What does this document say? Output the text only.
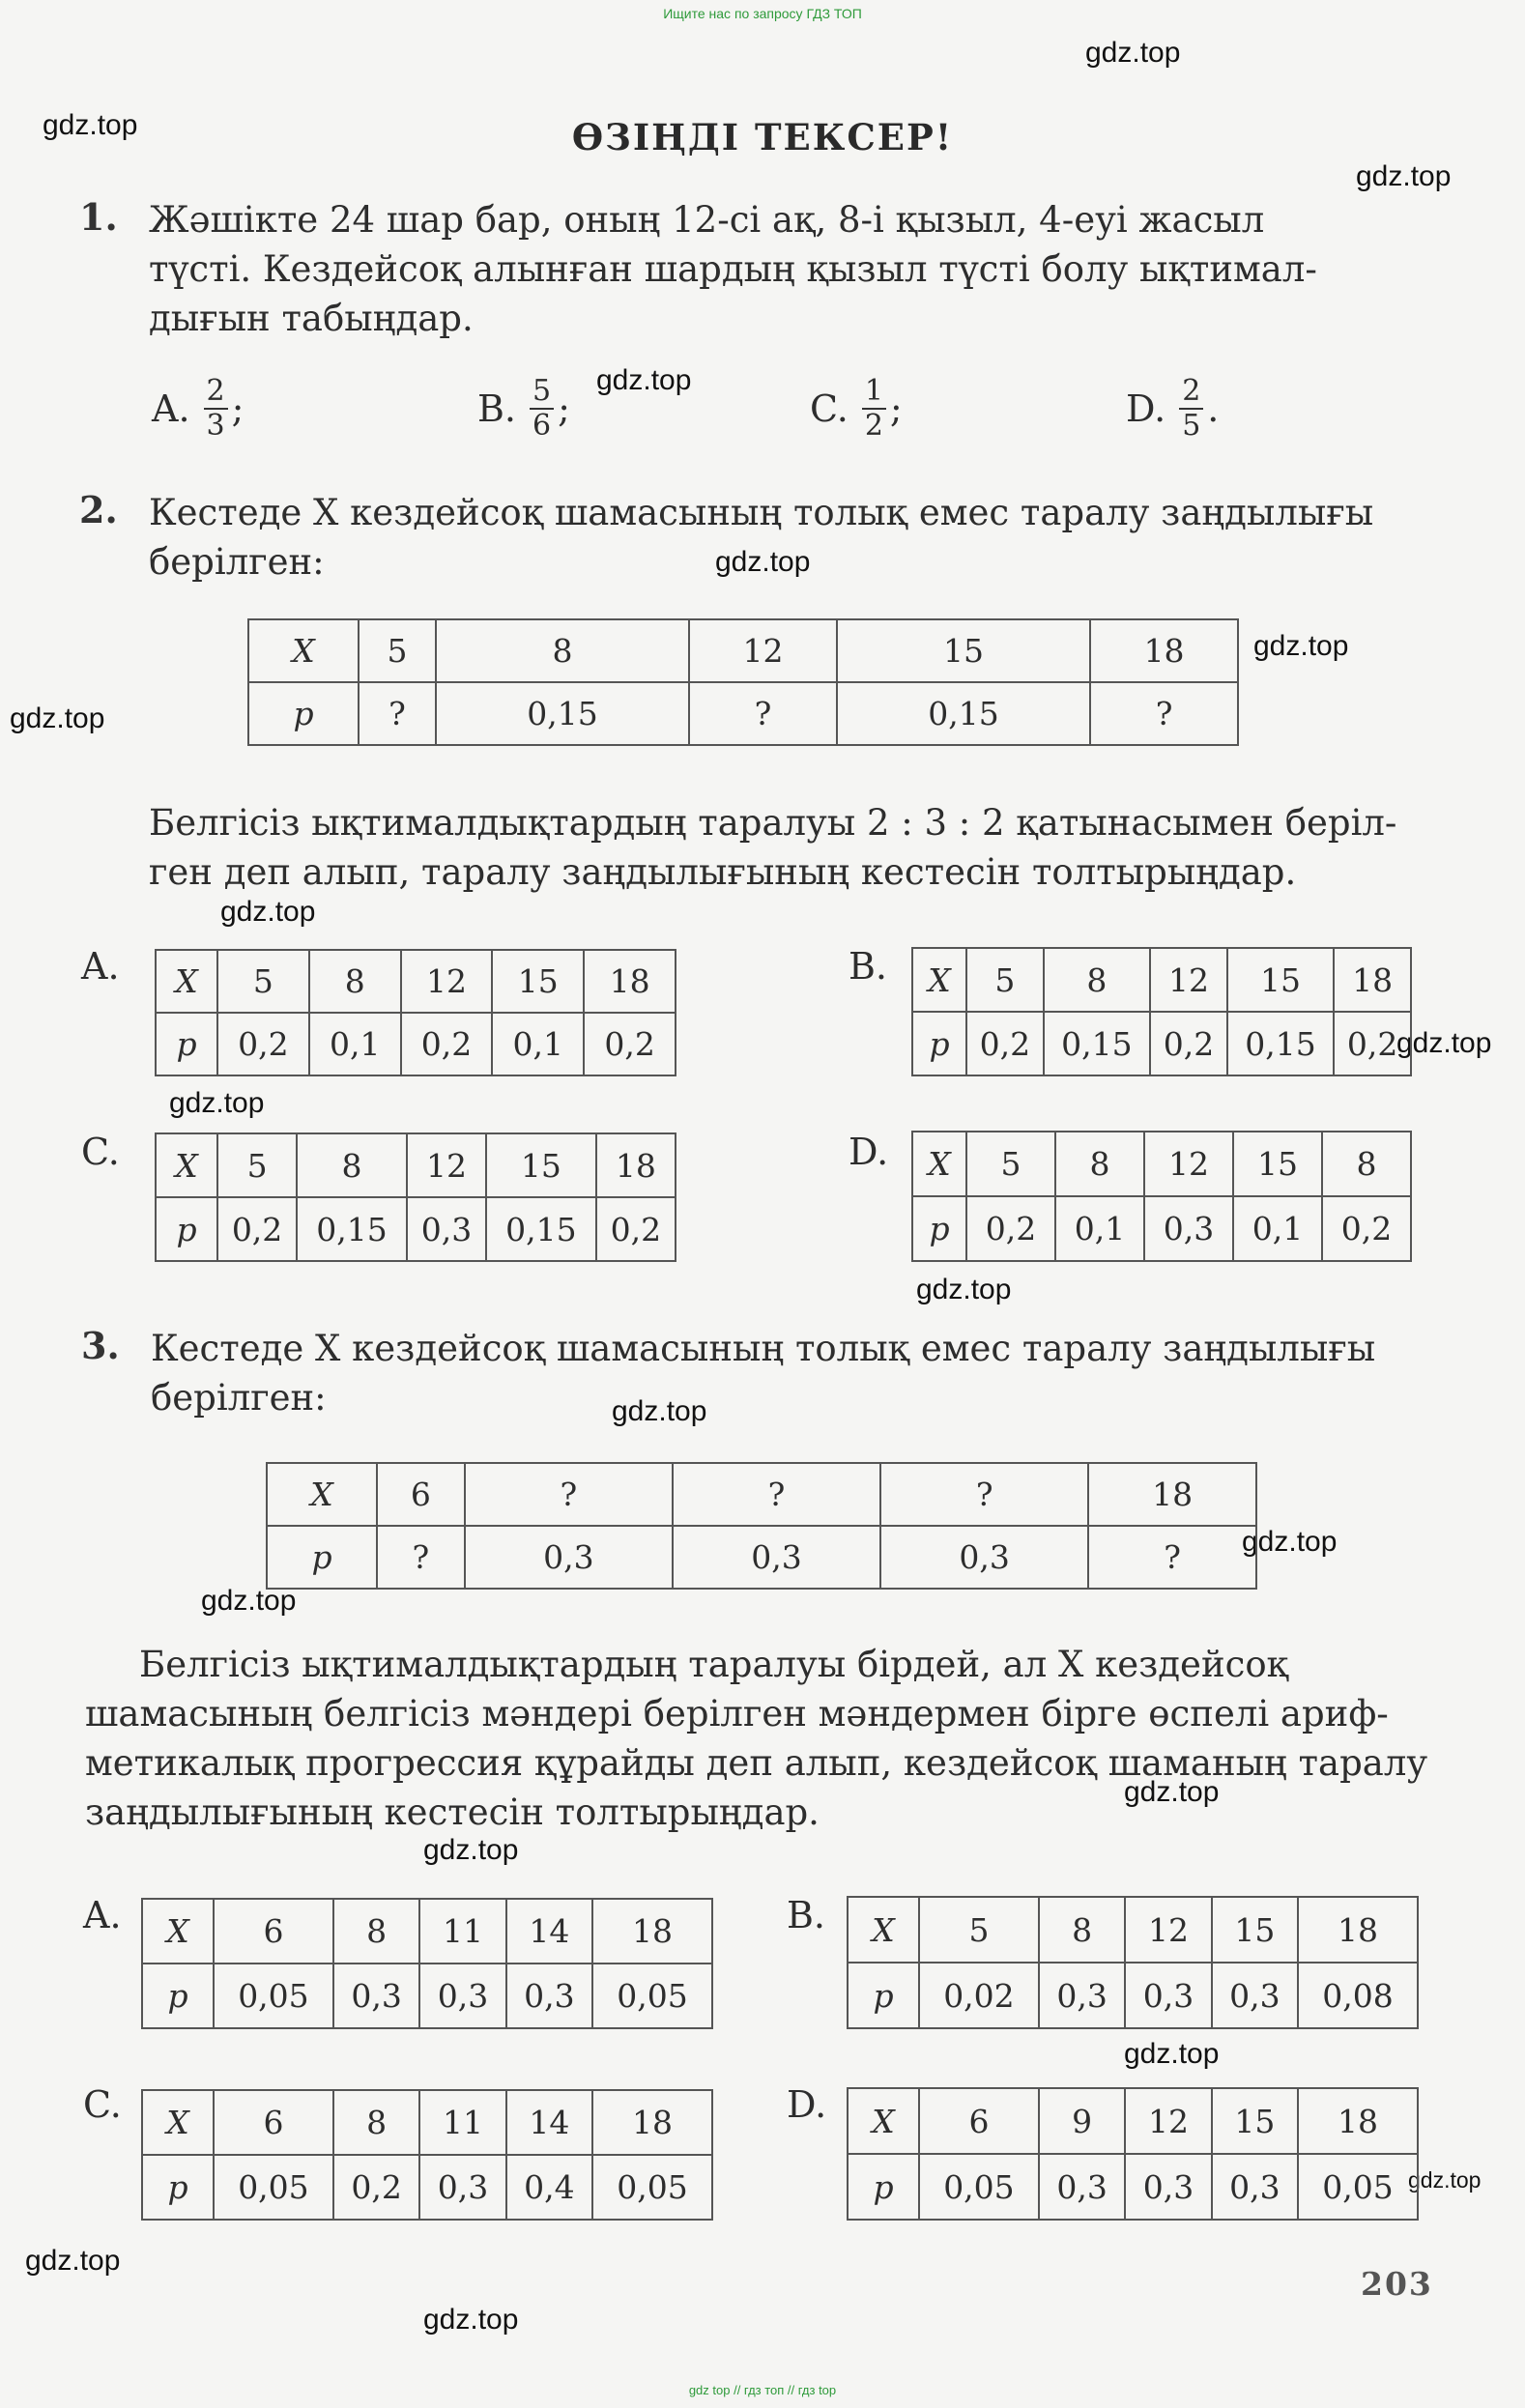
Ищите нас по запросу ГДЗ ТОП
gdz.top
gdz.top
gdz.top
gdz.top
gdz.top
gdz.top
gdz.top
gdz.top
gdz.top
gdz.top
gdz.top
gdz.top
gdz.top
gdz.top
gdz.top
gdz.top
gdz.top
gdz.top
gdz.top
gdz.top
ӨЗІҢДІ ТЕКСЕР!
1. Жәшікте 24 шар бар, оның 12-сі ақ, 8-і қызыл, 4-еуі жасыл
түсті. Кездейсоқ алынған шардың қызыл түсті болу ықтимал-
дығын табыңдар.
A. $\frac{2}{3}$ ;	B. $\frac{5}{6}$ ;	C. $\frac{1}{2}$ ;	D. $\frac{2}{5}$ .
2. Кестеде X кездейсоқ шамасының толық емес таралу заңдылығы
берілген:
X	5	8	12	15	18
p	?	0,15	?	0,15	?
Белгісіз ықтималдықтардың таралуы 2 : 3 : 2 қатынасымен беріл-
ген деп алып, таралу заңдылығының кестесін толтырыңдар.
A. X	5	8	12	15	18
p	0,2	0,1	0,2	0,1	0,2
B. X	5	8	12	15	18
p	0,2	0,15	0,2	0,15	0,2
C. X	5	8	12	15	18
p	0,2	0,15	0,3	0,15	0,2
D. X	5	8	12	15	8
p	0,2	0,1	0,3	0,1	0,2
3. Кестеде X кездейсоқ шамасының толық емес таралу заңдылығы
берілген:
X	6	?	?	?	18
p	?	0,3	0,3	0,3	?
Белгісіз ықтималдықтардың таралуы бірдей, ал X кездейсоқ
шамасының белгісіз мәндері берілген мәндермен бірге өспелі ариф-
метикалық прогрессия құрайды деп алып, кездейсоқ шаманың таралу
заңдылығының кестесін толтырыңдар.
A. X	6	8	11	14	18
p	0,05	0,3	0,3	0,3	0,05
B. X	5	8	12	15	18
p	0,02	0,3	0,3	0,3	0,08
C. X	6	8	11	14	18
p	0,05	0,2	0,3	0,4	0,05
D. X	6	9	12	15	18
p	0,05	0,3	0,3	0,3	0,05
203
gdz top // гдз топ // гдз top
